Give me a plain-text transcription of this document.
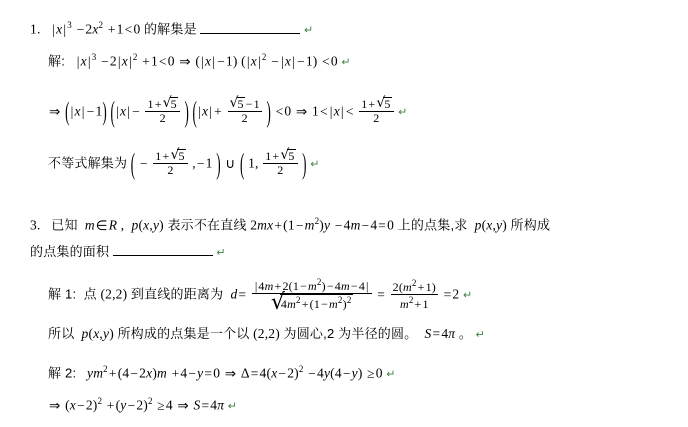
1. $|x|^3 -2x^2 +1<0$ 的解集是	↵
解: $|x|^3 -2|x|^2 +1<0$ ⇒ (|x| −1) $(|x|^2 - |x| -1) <0$ ↵
⇒ (|x| −1) ($|x| - \frac{1+ √ 5}{2}$ ) (|x| + √ $\frac{5 -1}{2}$ ) <0 ⇒ $1< |x| < \frac{1+ √ 5}{2}$ ↵
不等式解集为 ( − $\frac{1+ √ 5}{2} ,-1$ ) ∪ ( 1, $\frac{1+ √ 5}{2}$ ) ↵
3. 已知  m∈R ,  p(x,y) 表示不在直线 $2mx+(1-m^2)y -4m-4=0$ 上的点集,求  p(x,y) 所构成
的点集的面积	↵
解 1:  点 (2,2) 到直线的距离为  $d= |4m+2(1-m^2)-4m-4|$
√ $4m^2+(1-m^2)^2 = \frac{2(m^2+1)}{m^2+1} =2$ ↵
所以  p(x,y) 所构成的点集是一个以 (2,2) 为圆心,2 为半径的圆。  S=4π 。 ↵
解 2: $ym^2+(4-2x)m +4-y=0$ ⇒ $\Delta=4(x-2)^2 -4y(4-y) \ge 0$ ↵
⇒ $(x-2)^2 +(y-2)^2 \ge 4$ ⇒ S=4π ↵
